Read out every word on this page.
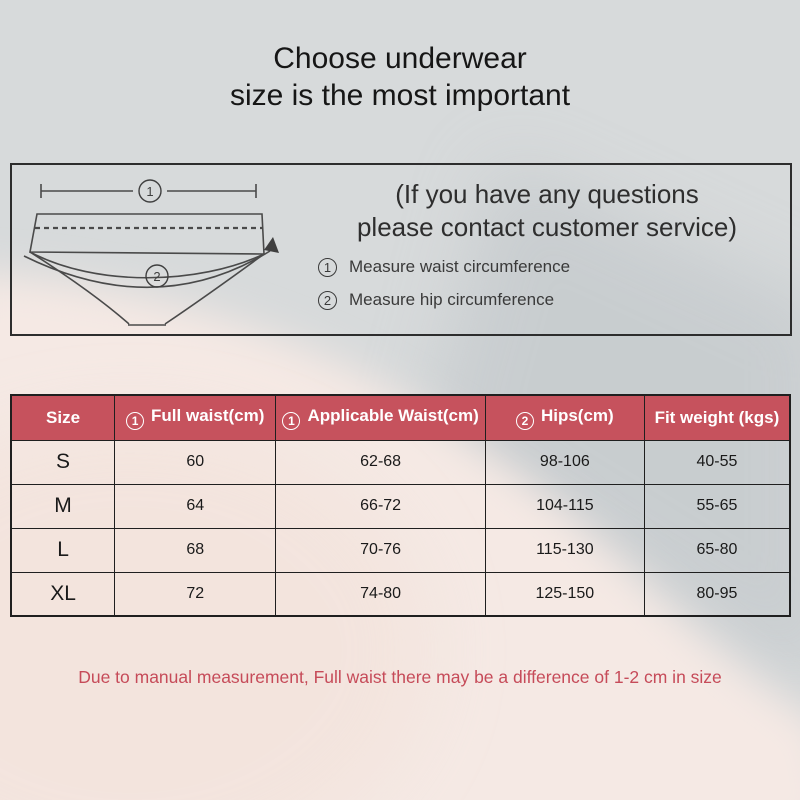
Choose underwear
size is the most important
1
2
(If you have any questions
please contact customer service)
1	Measure waist circumference
2	Measure hip circumference
Size	1 Full waist(cm)	1 Applicable Waist(cm)	2 Hips(cm)	Fit weight (kgs)
S	60	62-68	98-106	40-55
M	64	66-72	104-115	55-65
L	68	70-76	115-130	65-80
XL	72	74-80	125-150	80-95
Due to manual measurement, Full waist there may be a difference of 1-2 cm in size
